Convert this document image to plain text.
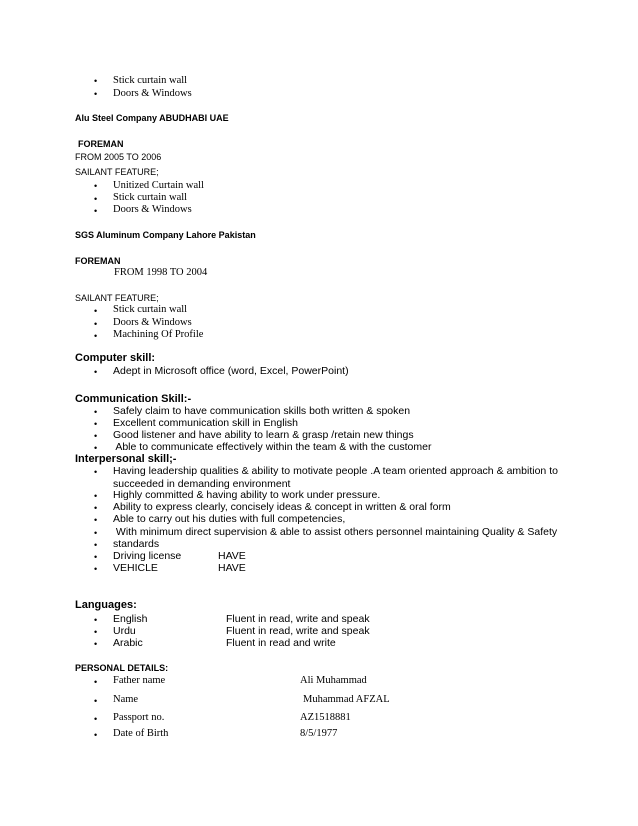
• Stick curtain wall
• Doors & Windows
Alu Steel Company ABUDHABI UAE
FOREMAN
FROM 2005 TO 2006
SAILANT FEATURE;
• Unitized Curtain wall
• Stick curtain wall
• Doors & Windows
SGS Aluminum Company Lahore Pakistan
FOREMAN
FROM 1998 TO 2004
SAILANT FEATURE;
• Stick curtain wall
• Doors & Windows
• Machining Of Profile
Computer skill:
• Adept in Microsoft office (word, Excel, PowerPoint)
Communication Skill:-
• Safely claim to have communication skills both written & spoken
• Excellent communication skill in English
• Good listener and have ability to learn & grasp /retain new things
• Able to communicate effectively within the team & with the customer
Interpersonal skill;-
• Having leadership qualities & ability to motivate people .A team oriented approach & ambition to succeeded in demanding environment
• Highly committed & having ability to work under pressure.
• Ability to express clearly, concisely ideas & concept in written & oral form
• Able to carry out his duties with full competencies,
• With minimum direct supervision & able to assist others personnel maintaining Quality & Safety
• standards
• Driving license	HAVE
• VEHICLE	HAVE
Languages:
• English	Fluent in read, write and speak
• Urdu	Fluent in read, write and speak
• Arabic	Fluent in read and write
PERSONAL DETAILS:
• Father name	Ali Muhammad
• Name	Muhammad AFZAL
• Passport no.	AZ1518881
• Date of Birth	8/5/1977
